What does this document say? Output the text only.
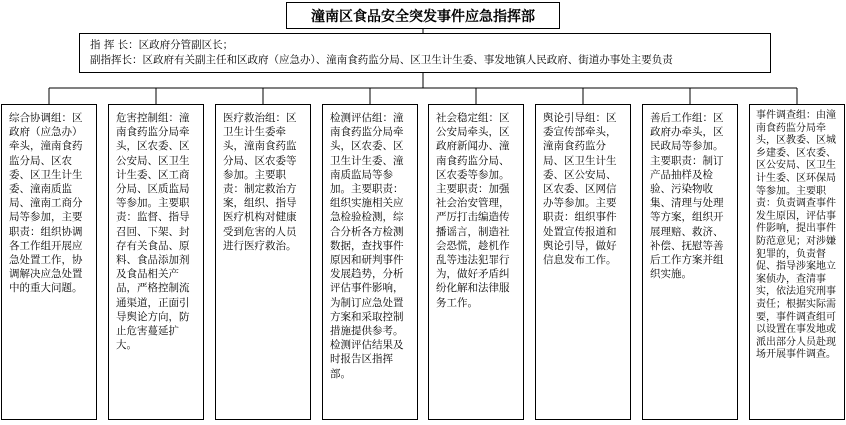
潼南区食品安全突发事件应急指挥部
指 挥 长：区政府分管副区长；
副指挥长：区政府有关副主任和区政府（应急办）、潼南食药监分局、区卫生计生委、事发地镇人民政府、街道办事处主要负责
综合协调组：区政府（应急办）牵头，潼南食药监分局、区农委、区卫生计生委、潼南质监局、潼南工商分局等参加，主要职责：组织协调各工作组开展应急处置工作，协调解决应急处置中的重大问题。
危害控制组：潼南食药监分局牵头，区农委、区公安局、区卫生计生委、区工商分局、区质监局等参加。主要职责：监督、指导召回、下架、封存有关食品、原料、食品添加剂及食品相关产品，严格控制流通渠道，正面引导舆论方向，防止危害蔓延扩大。
医疗救治组：区卫生计生委牵头，潼南食药监分局、区农委等参加。主要职责：制定救治方案，组织、指导医疗机构对健康受到危害的人员进行医疗救治。
检测评估组：潼南食药监分局牵头，区农委、区卫生计生委、潼南质监局等参加。主要职责：组织实施相关应急检验检测，综合分析各方检测数据，查找事件原因和研判事件发展趋势，分析评估事件影响，为制订应急处置方案和采取控制措施提供参考。检测评估结果及时报告区指挥部。
社会稳定组：区公安局牵头，区政府新闻办、潼南食药监分局、区农委等参加。主要职责：加强社会治安管理，严厉打击编造传播谣言，制造社会恐慌，趁机作乱等违法犯罪行为，做好矛盾纠纷化解和法律服务工作。
舆论引导组：区委宣传部牵头，潼南食药监分局、区卫生计生委、区公安局、区农委、区网信办等参加。主要职责：组织事件处置宣传报道和舆论引导，做好信息发布工作。
善后工作组：区政府办牵头，区民政局等参加。主要职责：制订产品抽样及检验、污染物收集、清理与处理等方案，组织开展理赔、救济、补偿、抚慰等善后工作方案并组织实施。
事件调查组：由潼南食药监分局牵头，区教委、区城乡建委、区农委、区公安局、区卫生计生委、区环保局等参加。主要职责：负责调查事件发生原因，评估事件影响，提出事件防范意见；对涉嫌犯罪的，负责督促、指导涉案地立案侦办，查清事实，依法追究刑事责任；根据实际需要，事件调查组可以设置在事发地或派出部分人员赴现场开展事件调查。
